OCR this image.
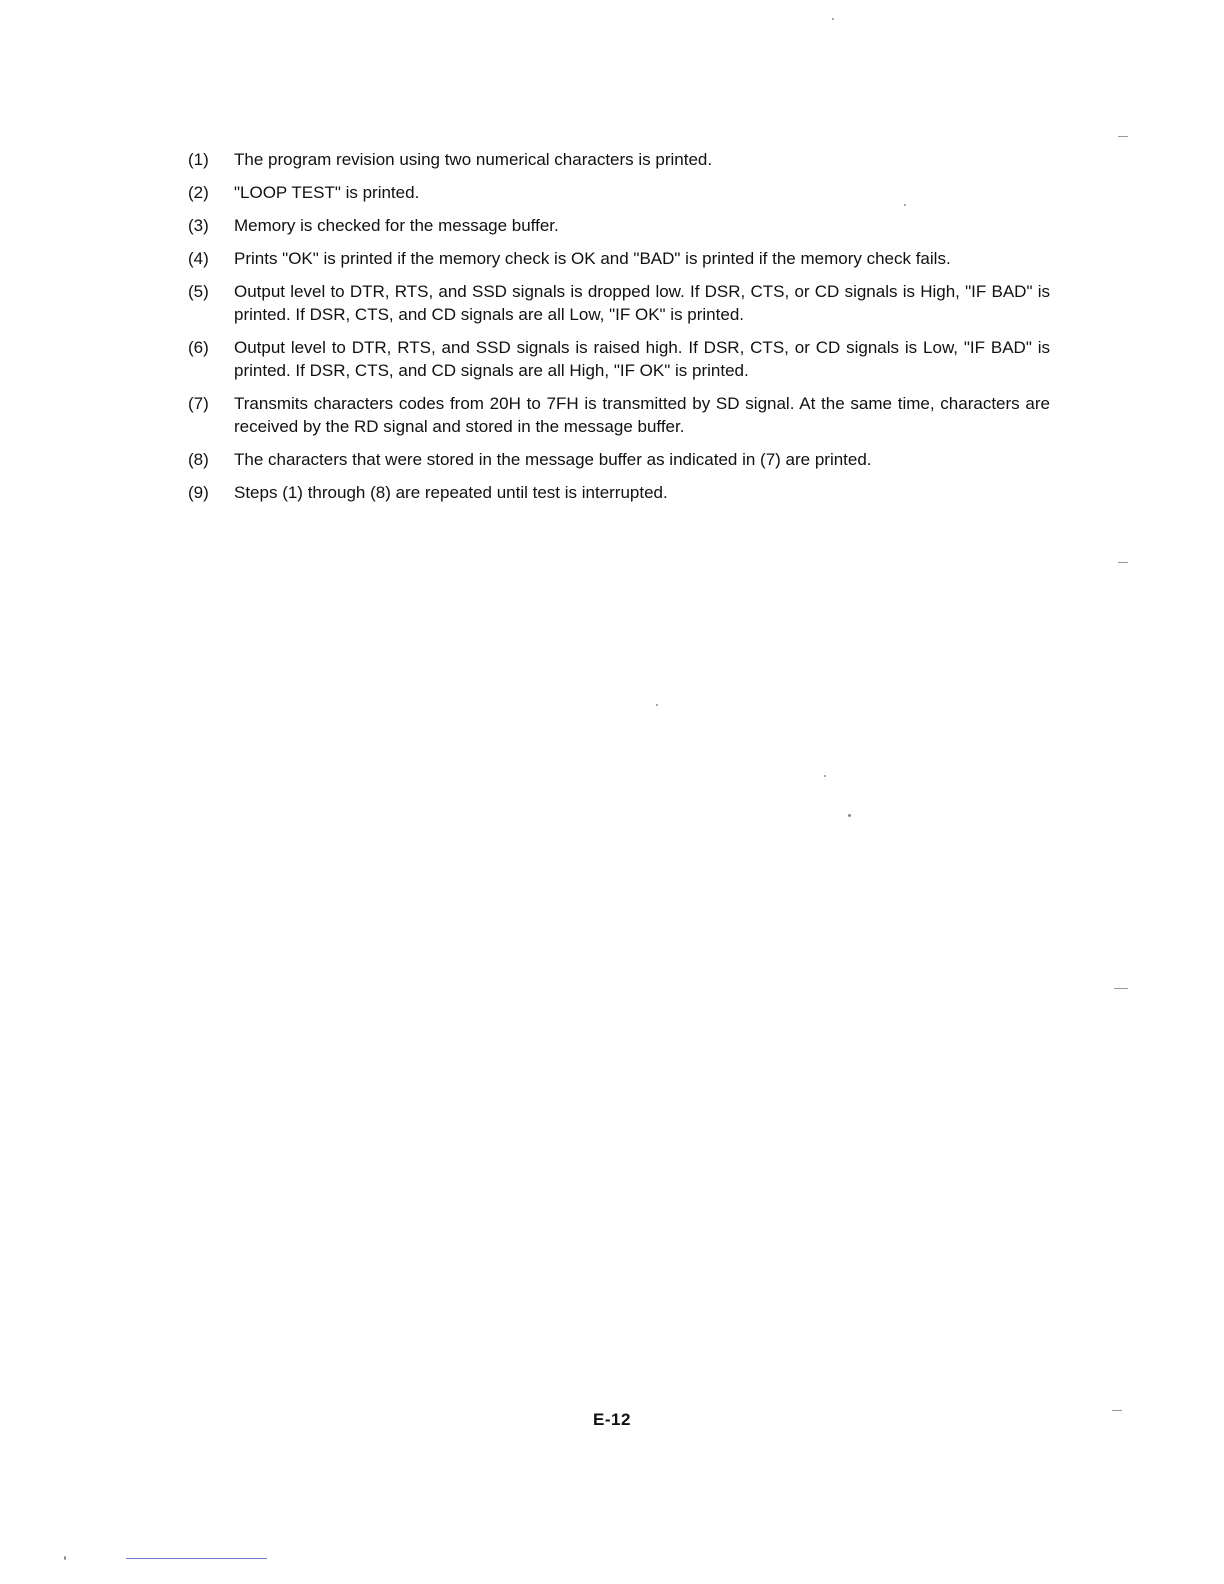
(1)	The program revision using two numerical characters is printed.
(2)	"LOOP TEST" is printed.
(3)	Memory is checked for the message buffer.
(4)	Prints "OK" is printed if the memory check is OK and "BAD" is printed if the memory check fails.
(5)	Output level to DTR, RTS, and SSD signals is dropped low. If DSR, CTS, or CD signals is High, "IF BAD" is printed. If DSR, CTS, and CD signals are all Low, "IF OK" is printed.
(6)	Output level to DTR, RTS, and SSD signals is raised high. If DSR, CTS, or CD signals is Low, "IF BAD" is printed. If DSR, CTS, and CD signals are all High, "IF OK" is printed.
(7)	Transmits characters codes from 20H to 7FH is transmitted by SD signal. At the same time, characters are received by the RD signal and stored in the message buffer.
(8)	The characters that were stored in the message buffer as indicated in (7) are printed.
(9)	Steps (1) through (8) are repeated until test is interrupted.
E-12
